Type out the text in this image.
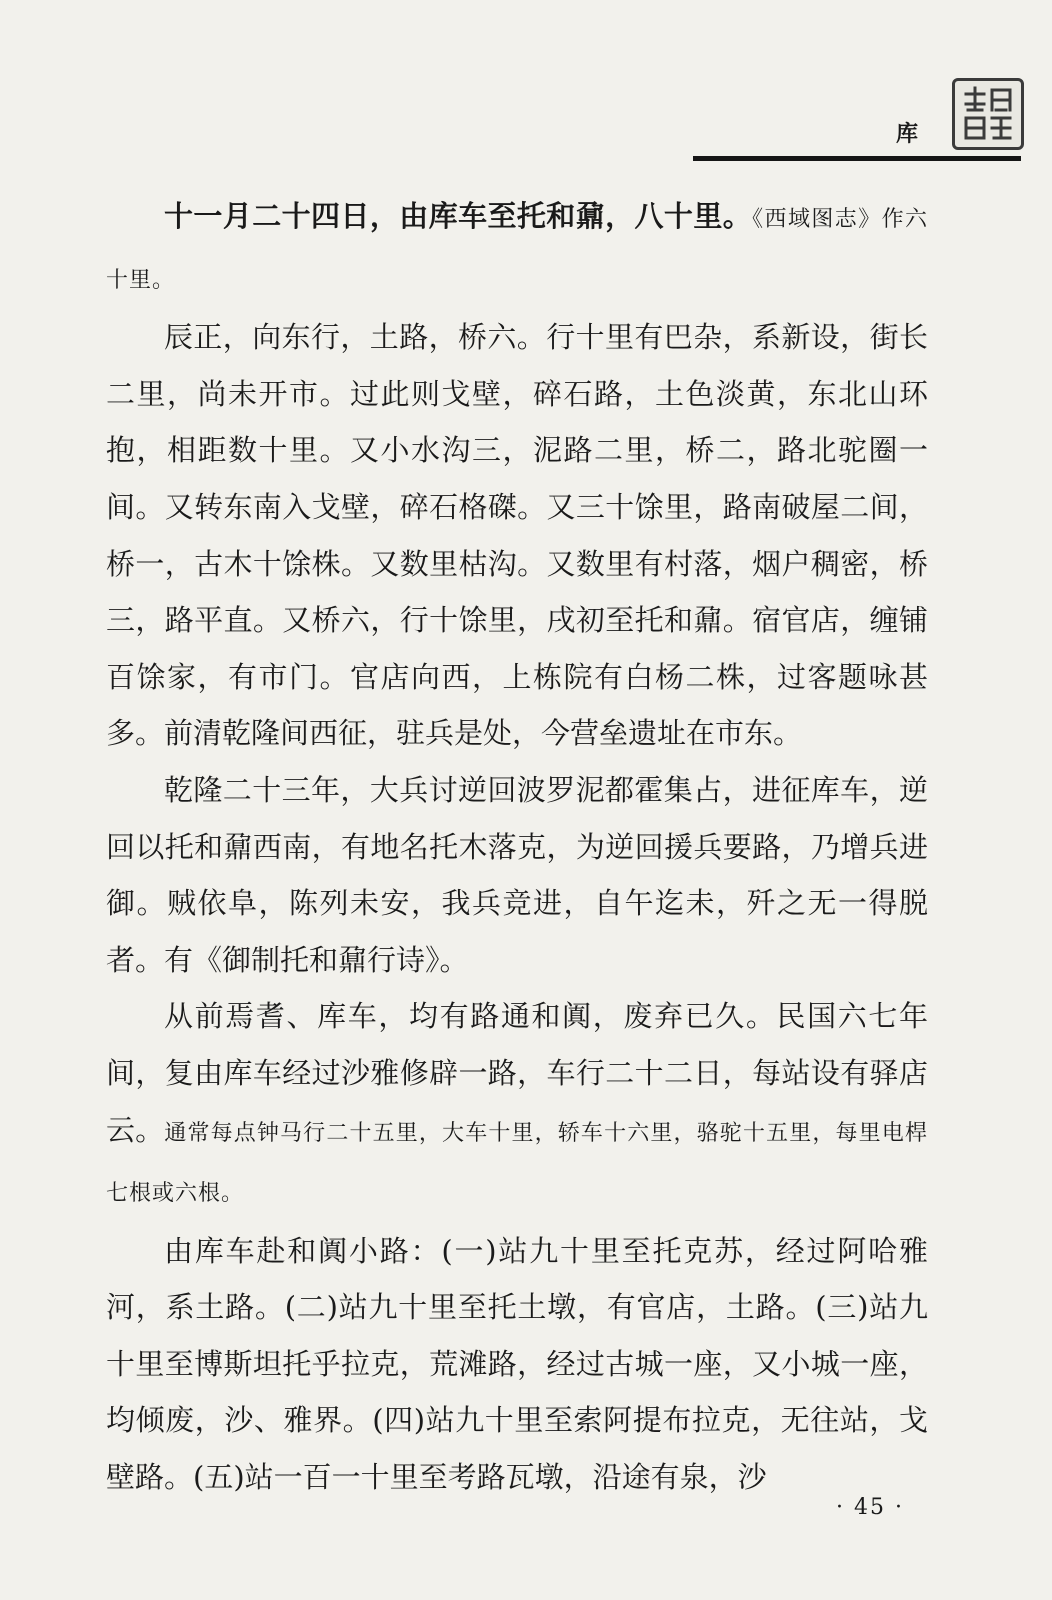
库

十一月二十四日，由库车至托和鼐，八十里。《西域图志》作六十里。

辰正，向东行，土路，桥六。行十里有巴杂，系新设，街长二里，尚未开市。过此则戈壁，碎石路，土色淡黄，东北山环抱，相距数十里。又小水沟三，泥路二里，桥二，路北驼圈一间。又转东南入戈壁，碎石格磔。又三十馀里，路南破屋二间，桥一，古木十馀株。又数里枯沟。又数里有村落，烟户稠密，桥三，路平直。又桥六，行十馀里，戌初至托和鼐。宿官店，缠铺百馀家，有市门。官店向西，上栋院有白杨二株，过客题咏甚多。前清乾隆间西征，驻兵是处，今营垒遗址在市东。

乾隆二十三年，大兵讨逆回波罗泥都霍集占，进征库车，逆回以托和鼐西南，有地名托木落克，为逆回援兵要路，乃增兵进御。贼依阜，陈列未安，我兵竞进，自午迄未，歼之无一得脱者。有《御制托和鼐行诗》。

从前焉耆、库车，均有路通和阗，废弃已久。民国六七年间，复由库车经过沙雅修辟一路，车行二十二日，每站设有驿店云。通常每点钟马行二十五里，大车十里，轿车十六里，骆驼十五里，每里电桿七根或六根。

由库车赴和阗小路：(一)站九十里至托克苏，经过阿哈雅河，系土路。(二)站九十里至托土墩，有官店，土路。(三)站九十里至博斯坦托乎拉克，荒滩路，经过古城一座，又小城一座，均倾废，沙、雅界。(四)站九十里至索阿提布拉克，无往站，戈壁路。(五)站一百一十里至考路瓦墩，沿途有泉，沙

· 45 ·
